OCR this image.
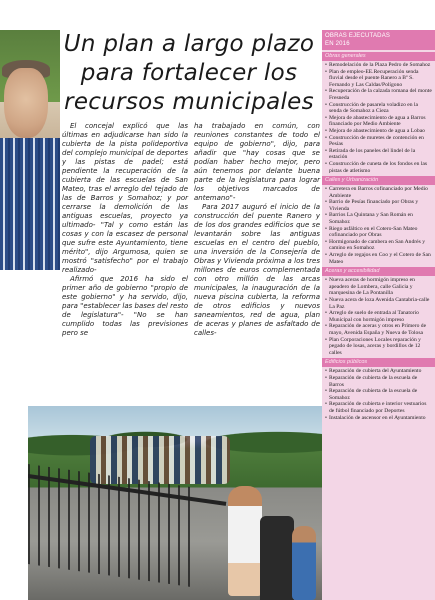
Un plan a largo plazo
para fortalecer los
recursos municipales

El concejal explicó que las últimas en adjudicarse han sido la cubierta de la pista polideportiva del complejo municipal de deportes y las pistas de padel; está pendiente la recuperación de la cubierta de las escuelas de San Mateo, tras el arreglo del tejado de las de Barros y Somahoz; y por cerrarse la demolición de las antiguas escuelas, proyecto ya ultimado- "Tal y como están las cosas y con la escasez de personal que sufre este Ayuntamiento, tiene mérito", dijo Argumosa, quien se mostró "satisfecho" por el trabajo realizado-

Afirmó que 2016 ha sido el primer año de gobierno "propio de este gobierno" y ha servido, dijo, para "establecer las bases del resto de legislatura"- "No se han cumplido todas las previsiones pero se

ha trabajado en común, con reuniones constantes de todo el equipo de gobierno", dijo, para añadir que "hay cosas que se podían haber hecho mejor, pero aún tenemos por delante buena parte de la legislatura para lograr los objetivos marcados de antemano"-

Para 2017 auguró el inicio de la construcción del puente Ranero y de los dos grandes edificios que se levantarán sobre las antiguas escuelas en el centro del pueblo, una inversión de la Consejería de Obras y Vivienda próxima a los tres millones de euros complementada con otro millón de las arcas municipales, la inauguración de la nueva piscina cubierta, la reforma de otros edificios y nuevos saneamientos, red de agua, plan de aceras y planes de asfaltado de calles-

OBRAS EJECUTADAS
EN 2016
Obras generales
• Remodelación de la Plaza Pedro de Somahoz
• Plan de empleo-EE.Recuperación senda fluvial desde el puente Ranero a Bº S. Fernando y Las Caldas/Polígono
• Recuperación de la calzada romana del monte Fresneda
• Construcción de pasarela voladizo en la senda de Somahoz a Cieza
• Mejora de abastecimiento de agua a Barros financiado por Medio Ambiente
• Mejora de abastecimiento de agua a Lobao
• Construcción de muretes de contención en Pesías
• Retirada de los paneles del lindel de la estación
• Construcción de cuneta de los fondos en las pistas de atletismo
Calles y Urbanización
• Carretera en Barros cofinanciado por Medio Ambiente
• Barrio de Pesías financiado por Obras y Vivienda
• Barrios La Quintana y San Román en Somahoz
• Riego asfáltico en el Cotero-San Mateo cofinanciado por Obras
• Hormigonado de cambera en San Andrés y camino en Somahoz
• Arreglo de regajos en Coo y el Cotero de San Mateo
Aceras y accesibilidad
• Nueva aceras de hormigón impreso en apeadero de Lombera, calle Galicia y marquesina de La Pontanilla
• Nueva acera de loza Avenida Cantabria-calle La Paz
• Arreglo de suelo de entrada al Tanatorio Municipal con hormigón impreso
• Reparación de aceras y otros en Primero de mayo, Avenida España y Nueva de Tolosa
• Plan Corporaciones Locales reparación y pegado de losas, aceras y bordillos de 12 calles
Edificios públicos
• Reparación de cubierta del Ayuntamiento
• Reparación de cubierta de la escuela de Barros
• Reparación de cubierta de la escuela de Somahoz
• Reparación de cubierta e interior vestuarios de fútbol financiado por Deportes
• Instalación de ascensor en el Ayuntamiento
